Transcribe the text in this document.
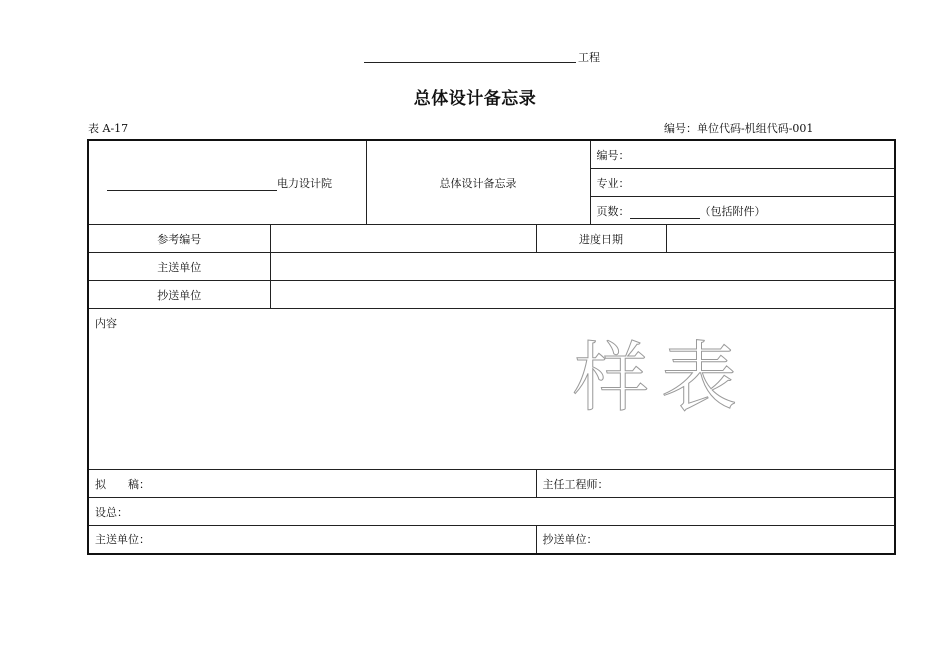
工程
总体设计备忘录
表 A-17	编号：单位代码-机组代码-001
电力设计院		总体设计备忘录		编号：	
				专业：	
				页数： （包括附件）	
参考编号			进度日期		
主送单位					
抄送单位					
内容
样表					

拟　　稿：			主任工程师：		
设总：					
主送单位：			抄送单位：		
